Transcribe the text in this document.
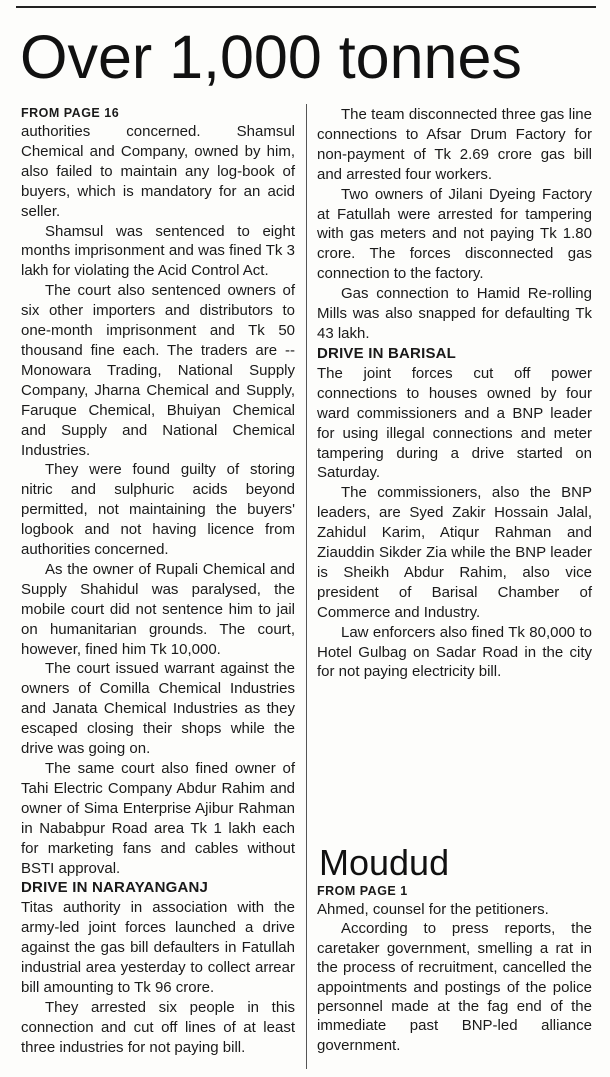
Over 1,000 tonnes
FROM PAGE 16

authorities concerned. Shamsul Chemical and Company, owned by him, also failed to maintain any log-book of buyers, which is mandatory for an acid seller.

Shamsul was sentenced to eight months imprisonment and was fined Tk 3 lakh for violating the Acid Control Act.

The court also sentenced owners of six other importers and distributors to one-month imprisonment and Tk 50 thousand fine each. The traders are -- Monowara Trading, National Supply Company, Jharna Chemical and Supply, Faruque Chemical, Bhuiyan Chemical and Supply and National Chemical Industries.

They were found guilty of storing nitric and sulphuric acids beyond permitted, not maintaining the buyers' logbook and not having licence from authorities concerned.

As the owner of Rupali Chemical and Supply Shahidul was paralysed, the mobile court did not sentence him to jail on humanitarian grounds. The court, however, fined him Tk 10,000.

The court issued warrant against the owners of Comilla Chemical Industries and Janata Chemical Industries as they escaped closing their shops while the drive was going on.

The same court also fined owner of Tahi Electric Company Abdur Rahim and owner of Sima Enterprise Ajibur Rahman in Nababpur Road area Tk 1 lakh each for marketing fans and cables without BSTI approval.

DRIVE IN NARAYANGANJ

Titas authority in association with the army-led joint forces launched a drive against the gas bill defaulters in Fatullah industrial area yesterday to collect arrear bill amounting to Tk 96 crore.

They arrested six people in this connection and cut off lines of at least three industries for not paying bill.

The team disconnected three gas line connections to Afsar Drum Factory for non-payment of Tk 2.69 crore gas bill and arrested four workers.

Two owners of Jilani Dyeing Factory at Fatullah were arrested for tampering with gas meters and not paying Tk 1.80 crore. The forces disconnected gas connection to the factory.

Gas connection to Hamid Re-rolling Mills was also snapped for defaulting Tk 43 lakh.

DRIVE IN BARISAL

The joint forces cut off power connections to houses owned by four ward commissioners and a BNP leader for using illegal connections and meter tampering during a drive started on Saturday.

The commissioners, also the BNP leaders, are Syed Zakir Hossain Jalal, Zahidul Karim, Atiqur Rahman and Ziauddin Sikder Zia while the BNP leader is Sheikh Abdur Rahim, also vice president of Barisal Chamber of Commerce and Industry.

Law enforcers also fined Tk 80,000 to Hotel Gulbag on Sadar Road in the city for not paying electricity bill.

Moudud
FROM PAGE 1

Ahmed, counsel for the petitioners.

According to press reports, the caretaker government, smelling a rat in the process of recruitment, cancelled the appointments and postings of the police personnel made at the fag end of the immediate past BNP-led alliance government.
